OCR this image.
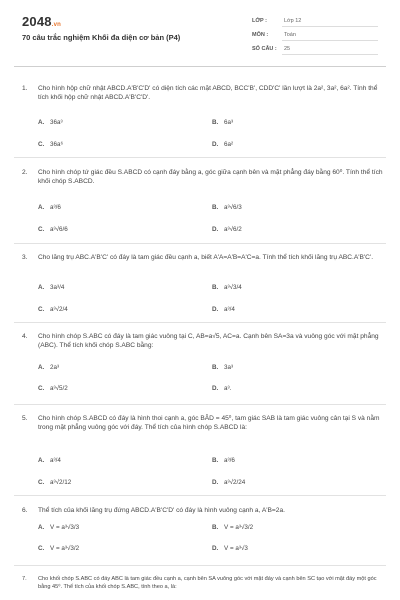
2048.vn
70 câu trắc nghiệm Khối đa diện cơ bản (P4)
LỚP :	Lớp 12
MÔN :	Toán
SỐ CÂU : 25
1. Cho hình hộp chữ nhật ABCD.A'B'C'D' có diện tích các mặt ABCD, BCC'B', CDD'C' lần lượt là 2a², 3a², 6a². Tính thể tích khối hộp chữ nhật ABCD.A'B'C'D'.
A. 36a³	B. 6a³
C. 36a⁶	D. 6a²
2. Cho hình chóp tứ giác đều S.ABCD có cạnh đáy bằng a, góc giữa cạnh bên và mặt phẳng đáy bằng 60⁰. Tính thể tích khối chóp S.ABCD.
A. a³/6	B. a³√6/3
C. a³√6/6	D. a³√6/2
3. Cho lăng trụ ABC.A'B'C' có đáy là tam giác đều cạnh a, biết A'A=A'B=A'C=a. Tính thể tích khối lăng trụ ABC.A'B'C'.
A. 3a³/4	B. a³√3/4
C. a³√2/4	D. a³/4
4. Cho hình chóp S.ABC có đáy là tam giác vuông tại C, AB=a√5, AC=a. Cạnh bên SA=3a và vuông góc với mặt phẳng (ABC). Thể tích khối chóp S.ABC bằng:
A. 2a³	B. 3a³
C. a³√5/2	D. a³.
5. Cho hình chóp S.ABCD có đáy là hình thoi cạnh a, góc BÂD = 45⁰, tam giác SAB là tam giác vuông cân tại S và nằm trong mặt phẳng vuông góc với đáy. Thể tích của hình chóp S.ABCD là:
A. a³/4	B. a³/6
C. a³√2/12	D. a³√2/24
6. Thể tích của khối lăng trụ đứng ABCD.A'B'C'D' có đáy là hình vuông cạnh a, A'B=2a.
A. V = a³√3/3	B. V = a³√3/2
C. V = a³√3/2	D. V = a³√3
7. Cho khối chóp S.ABC có đáy ABC là tam giác đều cạnh a, cạnh bên SA vuông góc với mặt đáy và cạnh bên SC tạo với mặt đáy một góc bằng 45⁰. Thể tích của khối chóp S.ABC, tính theo a, là:
